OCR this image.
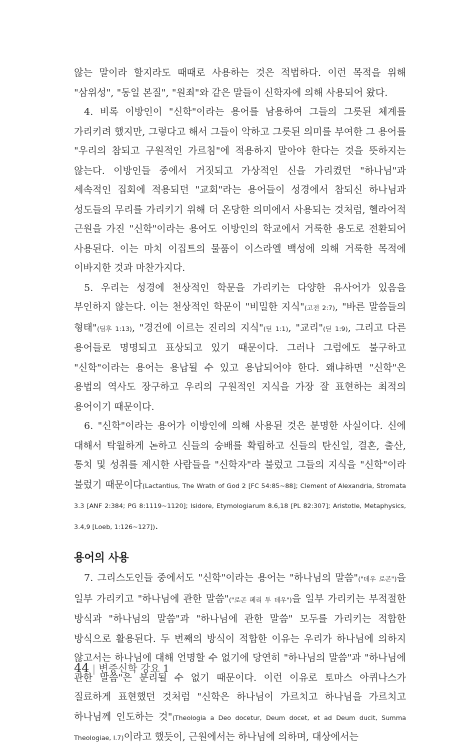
않는 말이라 할지라도 때때로 사용하는 것은 적법하다. 이런 목적을 위해 "삼위성", "동일 본질", "원죄"와 같은 말들이 신학자에 의해 사용되어 왔다.

4. 비록 이방인이 "신학"이라는 용어를 남용하여 그들의 그릇된 체계를 가리키려 했지만, 그렇다고 해서 그들이 악하고 그릇된 의미를 부여한 그 용어를 "우리의 참되고 구원적인 가르침"에 적용하지 말아야 한다는 것을 뜻하지는 않는다. 이방인들 중에서 거짓되고 가상적인 신을 가리켰던 "하나님"과 세속적인 집회에 적용되던 "교회"라는 용어들이 성경에서 참되신 하나님과 성도들의 무리를 가리키기 위해 더 온당한 의미에서 사용되는 것처럼, 헬라어적 근원을 가진 "신학"이라는 용어도 이방인의 학교에서 거룩한 용도로 전환되어 사용된다. 이는 마치 이집트의 물품이 이스라엘 백성에 의해 거룩한 목적에 이바지한 것과 마찬가지다.

5. 우리는 성경에 천상적인 학문을 가리키는 다양한 유사어가 있음을 부인하지 않는다. 이는 천상적인 학문이 "비밀한 지식"(고전 2:7), "바른 말씀들의 형태"(딤후 1:13), "경건에 이르는 진리의 지식"(딛 1:1), "교리"(딛 1:9), 그리고 다른 용어들로 명명되고 표상되고 있기 때문이다. 그러나 그럼에도 불구하고 "신학"이라는 용어는 용납될 수 있고 용납되어야 한다. 왜냐하면 "신학"은 용법의 역사도 장구하고 우리의 구원적인 지식을 가장 잘 표현하는 최적의 용어이기 때문이다.

6. "신학"이라는 용어가 이방인에 의해 사용된 것은 분명한 사실이다. 신에 대해서 탁월하게 논하고 신들의 숭배를 확립하고 신들의 탄신일, 결혼, 출산, 통치 및 성취를 제시한 사람들을 "신학자"라 불렀고 그들의 지식을 "신학"이라 불렀기 때문이다(Lactantius, The Wrath of God 2 [FC 54:85~88]; Clement of Alexandria, Stromata 3.3 [ANF 2:384; PG 8:1119~1120]; Isidore, Etymologiarum 8.6,18 [PL 82:307]; Aristotle, Metaphysics, 3.4,9 [Loeb, 1:126~127]).

용어의 사용

7. 그리스도인들 중에서도 "신학"이라는 용어는 "하나님의 말씀"("데우 로곤")을 일부 가리키고 "하나님에 관한 말씀"("로곤 페리 투 데우")을 일부 가리키는 부적절한 방식과 "하나님의 말씀"과 "하나님에 관한 말씀" 모두를 가리키는 적합한 방식으로 활용된다. 두 번째의 방식이 적합한 이유는 우리가 하나님에 의하지 않고서는 하나님에 대해 언명할 수 없기에 당연히 "하나님의 말씀"과 "하나님에 관한 말씀"은 분리될 수 없기 때문이다. 이런 이유로 토마스 아퀴나스가 질료하게 표현했던 것처럼 "신학은 하나님이 가르치고 하나님을 가르치고 하나님께 인도하는 것"(Theologia a Deo docetur, Deum docet, et ad Deum ducit, Summa Theologiae, I.7)이라고 했듯이, 근원에서는 하나님에 의하며, 대상에서는

44 | 변증신학 강요 1
